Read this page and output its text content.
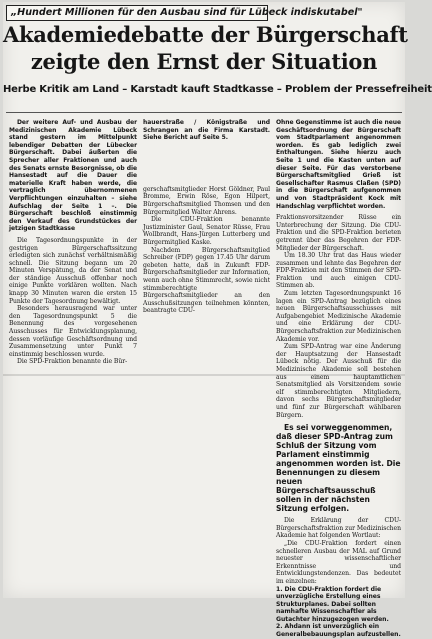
„Hundert Millionen für den Ausbau sind für Lübeck indiskutabel"
Akademiedebatte der Bürgerschaft
zeigte den Ernst der Situation
Herbe Kritik am Land – Karstadt kauft Stadtkasse – Problem der Pressefreiheit

Der weitere Auf- und Ausbau der Medizinischen Akademie Lübeck stand gestern im Mittelpunkt lebendiger Debatten der Lübecker Bürgerschaft. Dabei äußerten die Sprecher aller Fraktionen und auch des Senats ernste Besorgnisse, ob die Hansestadt auf die Dauer die materielle Kraft haben werde, die vertraglich übernommenen Verpflichtungen einzuhalten – siehe Aufschlag der Seite 1 –. Die Bürgerschaft beschloß einstimmig den Verkauf des Grundstückes der jetzigen Stadtkasse

Die Tagesordnungspunkte in der gestrigen Bürgerschaftssitzung erledigten sich zunächst verhältnismäßig schnell. Die Sitzung begann um 20 Minuten Verspätung, da der Senat und der ständige Ausschuß offenbar noch einige Punkte vorklären wollten. Nach knapp 30 Minuten waren die ersten 15 Punkte der Tagesordnung bewältigt.

Besonders herausragend war unter den Tagesordnungspunkt 5 die Benennung des vorgesehenen Ausschusses für Entwicklungsplanung, dessen vorläufige Geschäftsordnung und Zusammensetzung unter Punkt 7 einstimmig beschlossen wurde.

Die SPD-Fraktion benannte die Bür-

hauerstraße / Königstraße und Schrangen an die Firma Karstadt. Siehe Bericht auf Seite 5.

gerschaftsmitglieder Horst Göldner, Paul Bromme, Erwin Röse, Egon Hilpert, Bürgerschaftsmitglied Thomsen und den Bürgermitglied Walter Ahrens.

Die CDU-Fraktion benannte Justizminister Gaul, Senator Rüsse, Frau Wollbrandt, Hans-Jürgen Lutterberg und Bürgermitglied Kaske.

Nachdem Bürgerschaftsmitglied Schreiber (FDP) gegen 17.45 Uhr darum gebeten hatte, daß in Zukunft FDP-Bürgerschaftsmitglieder zur Information, wenn auch ohne Stimmrecht, sowie nicht stimmberechtigte Bürgerschaftsmitglieder an den Ausschußsitzungen teilnehmen könnten, beantragte CDU-

Ohne Gegenstimme ist auch die neue Geschäftsordnung der Bürgerschaft vom Stadtparlament angenommen worden. Es gab lediglich zwei Enthaltungen. Siehe hierzu auch Seite 1 und die Kasten unten auf dieser Seite. Für das verstorbene Bürgerschaftsmitglied Grieß ist Gesellschafter Rasmus Claßen (SPD) in die Bürgerschaft aufgenommen und von Stadtpräsident Kock mit Handschlag verpflichtet worden.

Fraktionsvorsitzender Rüsse ein Unterbrechung der Sitzung. Die CDU-Fraktion und die SPD-Fraktion berieten getrennt über das Begehren der FDP-Mitglieder der Bürgerschaft.

Um 18.30 Uhr trat das Haus wieder zusammen und lehnte das Begehren der FDP-Fraktion mit den Stimmen der SPD-Fraktion und auch einigen CDU-Stimmen ab.

Zum letzten Tagesordnungspunkt 16 lagen ein SPD-Antrag bezüglich eines neuen Bürgerschaftsausschusses mit Aufgabengebiet Medizinische Akademie und eine Erklärung der CDU-Bürgerschaftsfraktion zur Medizinischen Akademie vor.

Zum SPD-Antrag war eine Änderung der Hauptsatzung der Hansestadt Lübeck nötig. Der Ausschuß für die Medizinische Akademie soll bestehen aus einem hauptamtlichen Senatsmitglied als Vorsitzendem sowie elf stimmberechtigten Mitgliedern, davon sechs Bürgerschaftsmitglieder und fünf zur Bürgerschaft wählbaren Bürgern.

Es sei vorweggenommen, daß dieser SPD-Antrag zum Schluß der Sitzung vom Parlament einstimmig angenommen worden ist. Die Benennungen zu diesem neuen Bürgerschaftsausschuß sollen in der nächsten Sitzung erfolgen.

Die Erklärung der CDU-Bürgerschaftsfraktion zur Medizinischen Akademie hat folgenden Wortlaut:

„Die CDU-Fraktion fordert einen schnelleren Ausbau der MAL auf Grund neuester wissenschaftlicher Erkenntnisse und Entwicklungstendenzen. Das bedeutet im einzelnen:

1. Die CDU-Fraktion fordert die unverzügliche Erstellung eines Strukturplanes. Dabei sollten namhafte Wissenschaftler als Gutachter hinzugezogen werden.

2. Ahdann ist unverzüglich ein Generalbebauungsplan aufzustellen.
